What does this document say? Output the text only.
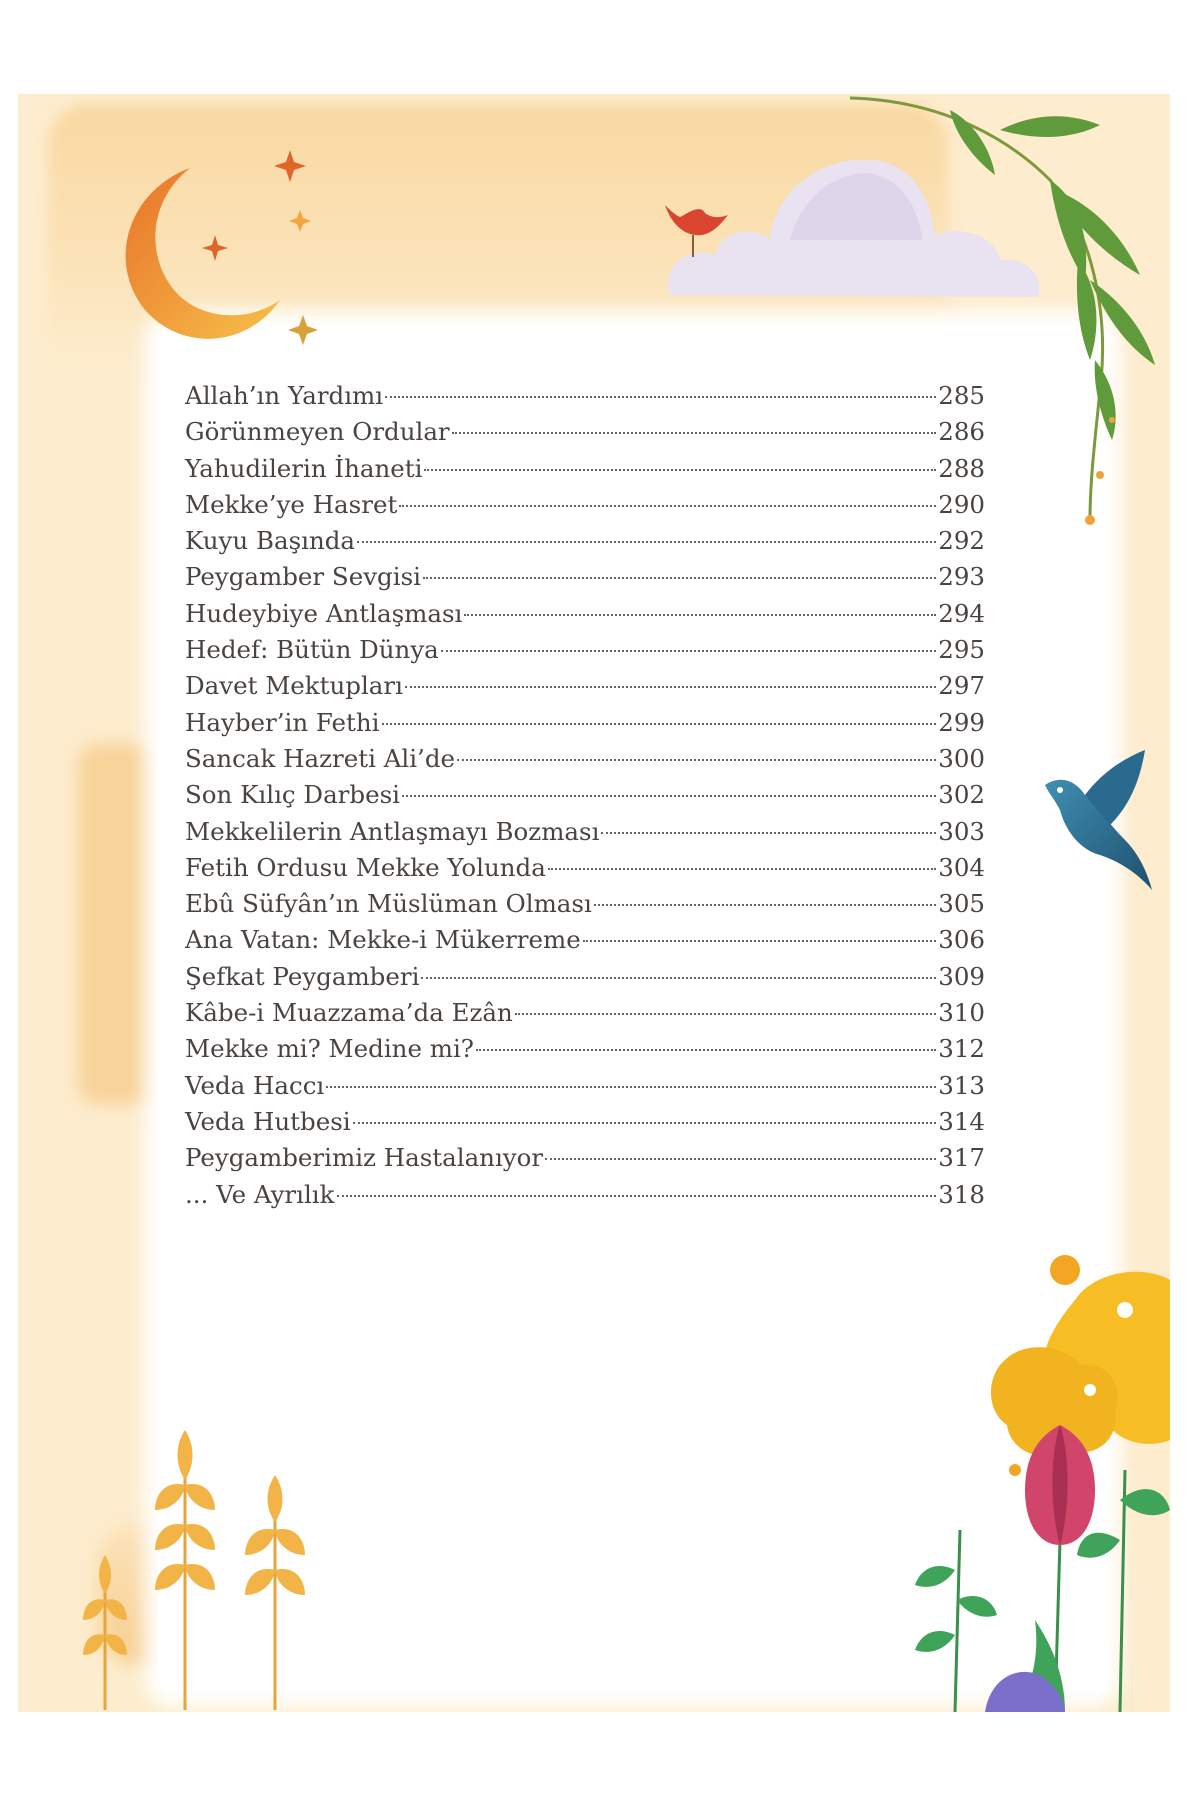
Allah’ın Yardımı	285
Görünmeyen Ordular	286
Yahudilerin İhaneti	288
Mekke’ye Hasret	290
Kuyu Başında	292
Peygamber Sevgisi	293
Hudeybiye Antlaşması	294
Hedef: Bütün Dünya	295
Davet Mektupları	297
Hayber’in Fethi	299
Sancak Hazreti Ali’de	300
Son Kılıç Darbesi	302
Mekkelilerin Antlaşmayı Bozması	303
Fetih Ordusu Mekke Yolunda	304
Ebû Süfyân’ın Müslüman Olması	305
Ana Vatan: Mekke-i Mükerreme	306
Şefkat Peygamberi	309
Kâbe-i Muazzama’da Ezân	310
Mekke mi? Medine mi?	312
Veda Haccı	313
Veda Hutbesi	314
Peygamberimiz Hastalanıyor	317
... Ve Ayrılık	318
